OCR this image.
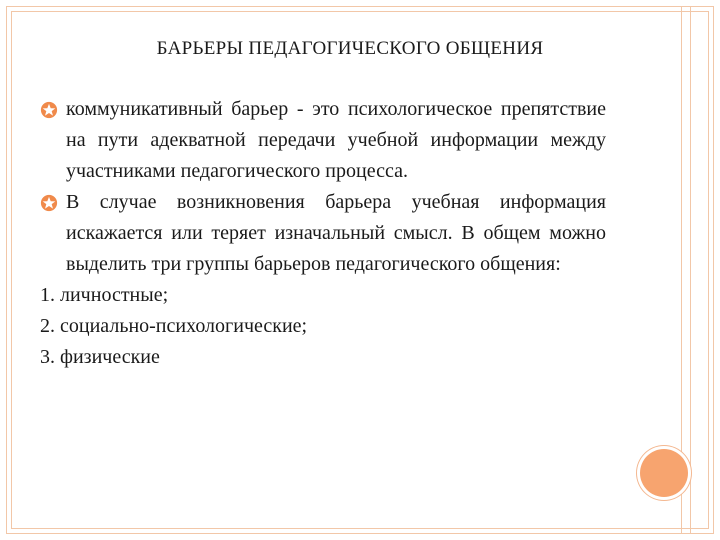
БАРЬЕРЫ ПЕДАГОГИЧЕСКОГО ОБЩЕНИЯ
коммуникативный барьер - это психологическое препятствие на пути адекватной передачи учебной информации между участниками педагогического процесса.
В случае возникновения барьера учебная информация искажается или теряет изначальный смысл. В общем можно выделить три группы барьеров педагогического общения:
1. личностные;
2. социально-психологические;
3. физические
